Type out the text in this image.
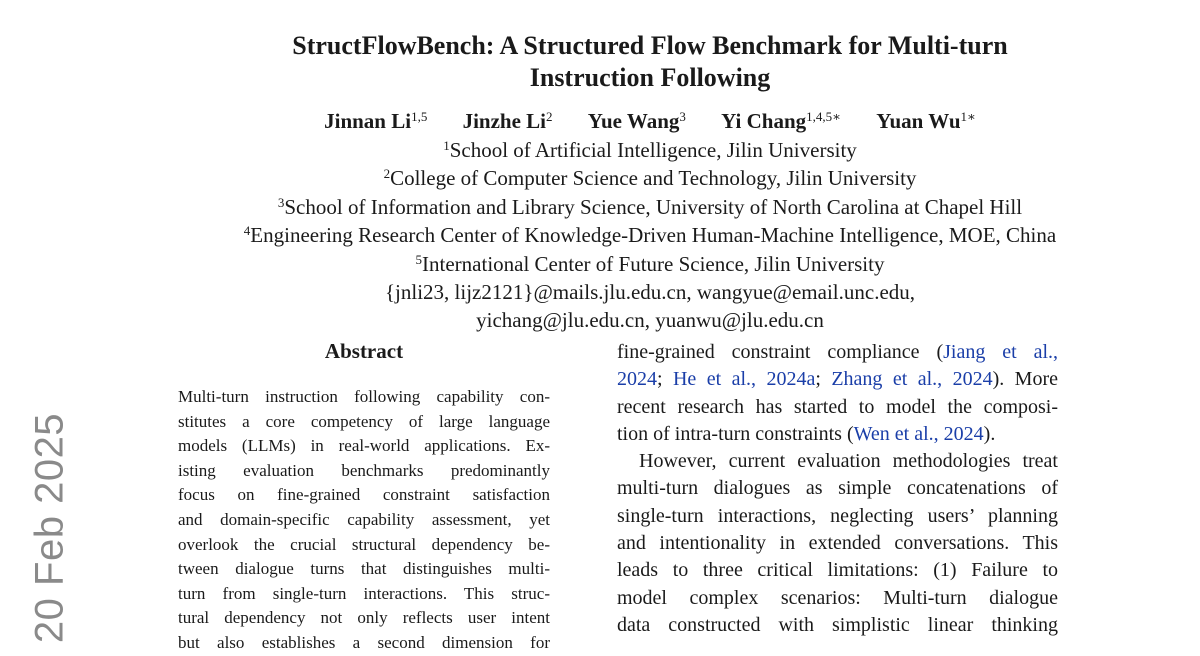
20 Feb 2025
StructFlowBench: A Structured Flow Benchmark for Multi-turn
Instruction Following
Jinnan Li$^{1,5}$ Jinzhe Li$^2$ Yue Wang$^3$ Yi Chang$^{1,4,5∗}$ Yuan $Wu^{1∗}$
$^1$School of Artificial Intelligence, Jilin University
$^2$College of Computer Science and Technology, Jilin University
$^3$School of Information and Library Science, University of North Carolina at Chapel Hill
$^4$Engineering Research Center of Knowledge-Driven Human-Machine Intelligence, MOE, China
$^5$International Center of Future Science, Jilin University
{jnli23, lijz2121}@mails.jlu.edu.cn, wangyue@email.unc.edu,
yichang@jlu.edu.cn, yuanwu@jlu.edu.cn
Abstract
Multi-turn instruction following capability con-
stitutes a core competency of large language
models (LLMs) in real-world applications. Ex-
isting evaluation benchmarks predominantly
focus on fine-grained constraint satisfaction
and domain-specific capability assessment, yet
overlook the crucial structural dependency be-
tween dialogue turns that distinguishes multi-
turn from single-turn interactions. This struc-
tural dependency not only reflects user intent
but also establishes a second dimension for
fine-grained constraint compliance (Jiang et al.,
2024; He et al., 2024a; Zhang et al., 2024). More
recent research has started to model the composi-
tion of intra-turn constraints (Wen et al., 2024).
However, current evaluation methodologies treat
multi-turn dialogues as simple concatenations of
single-turn interactions, neglecting users’ planning
and intentionality in extended conversations. This
leads to three critical limitations: (1) Failure to
model complex scenarios: Multi-turn dialogue
data constructed with simplistic linear thinking
